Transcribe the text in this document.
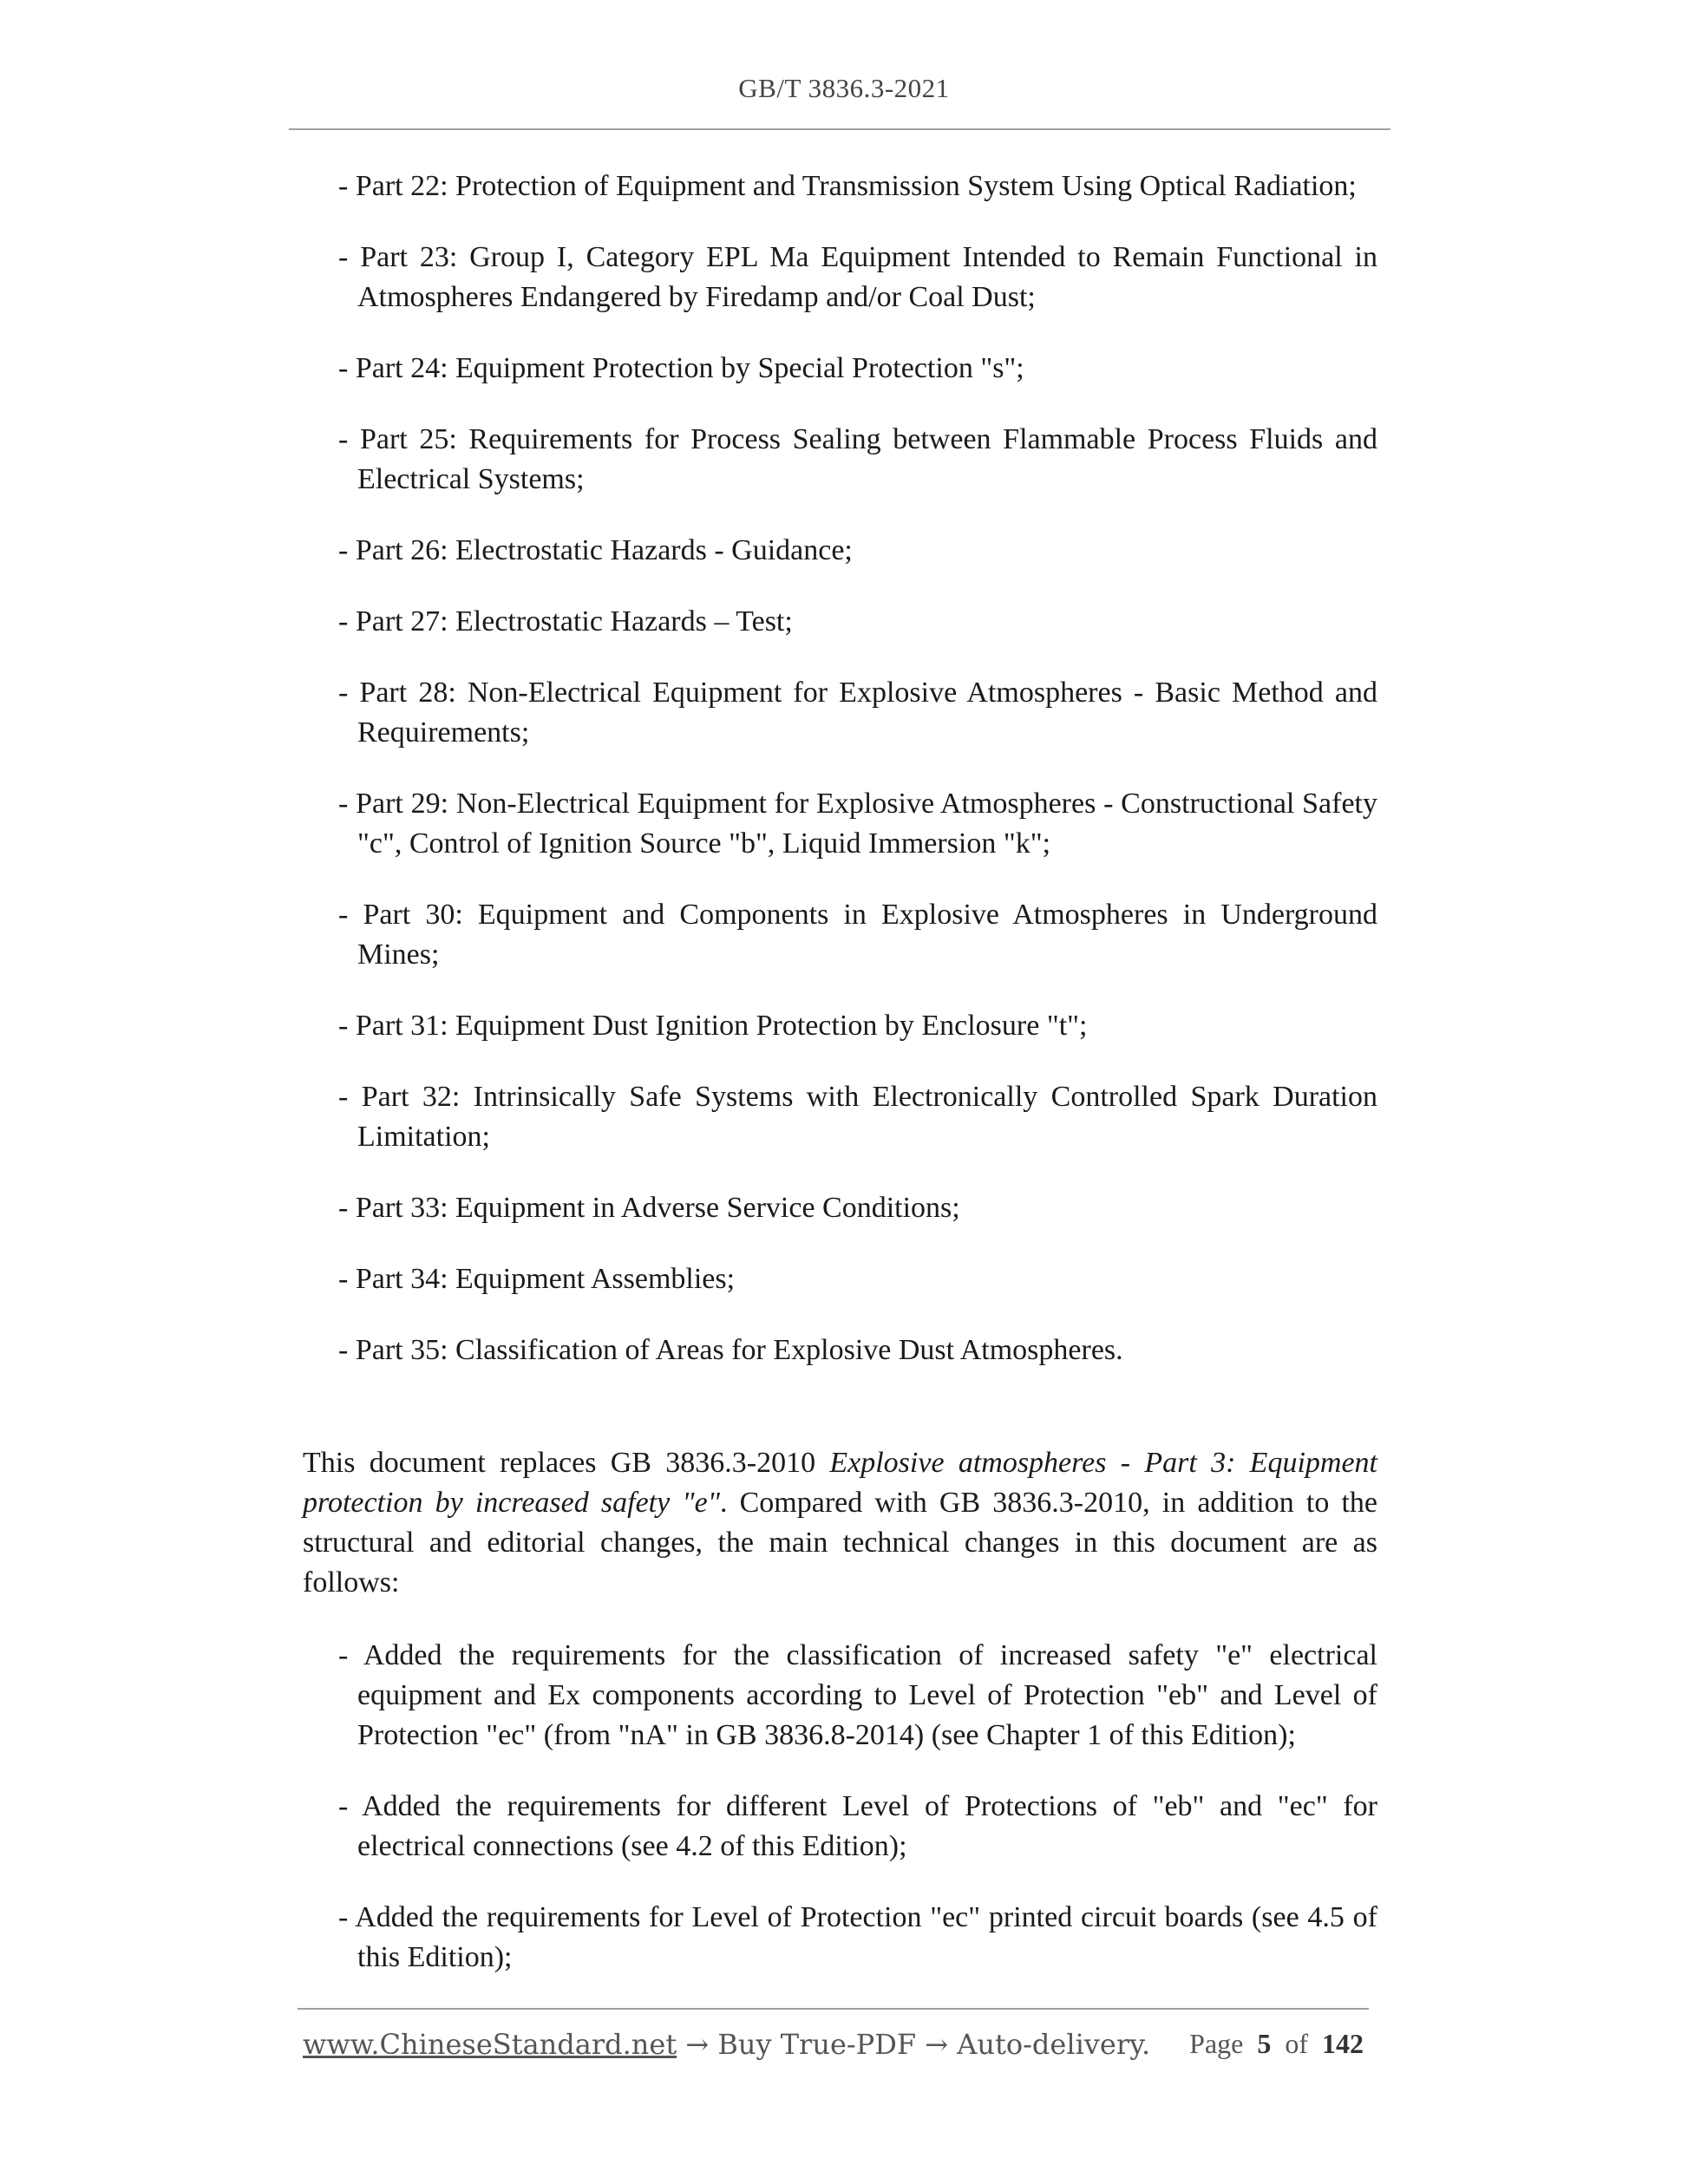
GB/T 3836.3-2021
- Part 22: Protection of Equipment and Transmission System Using Optical Radiation;
- Part 23: Group I, Category EPL Ma Equipment Intended to Remain Functional in Atmospheres Endangered by Firedamp and/or Coal Dust;
- Part 24: Equipment Protection by Special Protection "s";
- Part 25: Requirements for Process Sealing between Flammable Process Fluids and Electrical Systems;
- Part 26: Electrostatic Hazards - Guidance;
- Part 27: Electrostatic Hazards – Test;
- Part 28: Non-Electrical Equipment for Explosive Atmospheres - Basic Method and Requirements;
- Part 29: Non-Electrical Equipment for Explosive Atmospheres - Constructional Safety "c", Control of Ignition Source "b", Liquid Immersion "k";
- Part 30: Equipment and Components in Explosive Atmospheres in Underground Mines;
- Part 31: Equipment Dust Ignition Protection by Enclosure "t";
- Part 32: Intrinsically Safe Systems with Electronically Controlled Spark Duration Limitation;
- Part 33: Equipment in Adverse Service Conditions;
- Part 34: Equipment Assemblies;
- Part 35: Classification of Areas for Explosive Dust Atmospheres.

This document replaces GB 3836.3-2010 Explosive atmospheres - Part 3: Equipment protection by increased safety "e". Compared with GB 3836.3-2010, in addition to the structural and editorial changes, the main technical changes in this document are as follows:

- Added the requirements for the classification of increased safety "e" electrical equipment and Ex components according to Level of Protection "eb" and Level of Protection "ec" (from "nA" in GB 3836.8-2014) (see Chapter 1 of this Edition);
- Added the requirements for different Level of Protections of "eb" and "ec" for electrical connections (see 4.2 of this Edition);
- Added the requirements for Level of Protection "ec" printed circuit boards (see 4.5 of this Edition);
www.ChineseStandard.net → Buy True-PDF → Auto-delivery. Page 5 of 142
